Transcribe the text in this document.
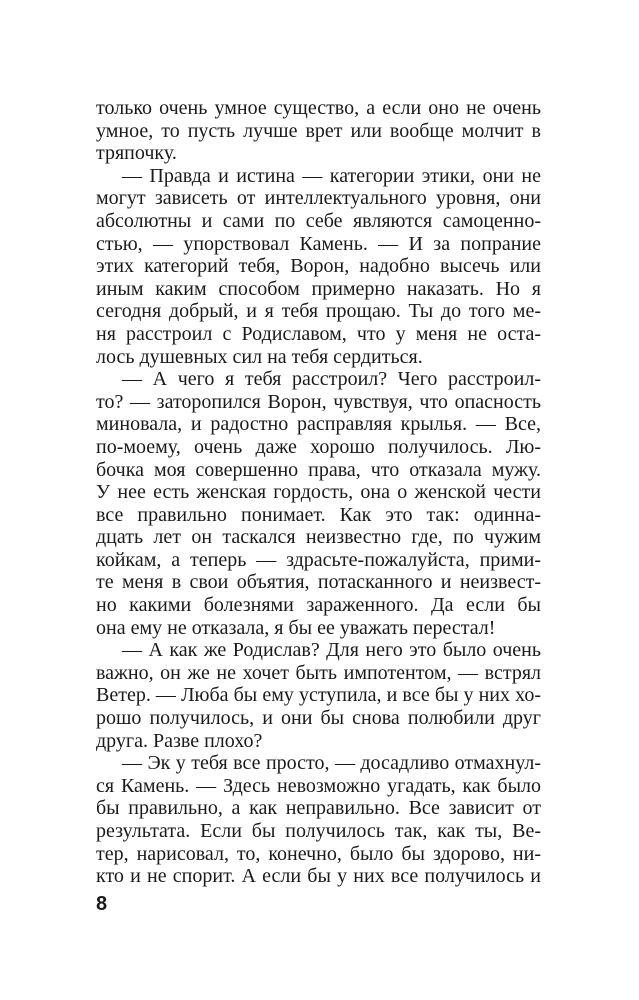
только очень умное существо, а если оно не очень
умное, то пусть лучше врет или вообще молчит в
тряпочку.
— Правда и истина — категории этики, они не
могут зависеть от интеллектуального уровня, они
абсолютны и сами по себе являются самоценно-
стью, — упорствовал Камень. — И за попрание
этих категорий тебя, Ворон, надобно высечь или
иным каким способом примерно наказать. Но я
сегодня добрый, и я тебя прощаю. Ты до того ме-
ня расстроил с Родиславом, что у меня не оста-
лось душевных сил на тебя сердиться.
— А чего я тебя расстроил? Чего расстроил-
то? — заторопился Ворон, чувствуя, что опасность
миновала, и радостно расправляя крылья. — Все,
по-моему, очень даже хорошо получилось. Лю-
бочка моя совершенно права, что отказала мужу.
У нее есть женская гордость, она о женской чести
все правильно понимает. Как это так: одинна-
дцать лет он таскался неизвестно где, по чужим
койкам, а теперь — здрасьте-пожалуйста, прими-
те меня в свои объятия, потасканного и неизвест-
но какими болезнями зараженного. Да если бы
она ему не отказала, я бы ее уважать перестал!
— А как же Родислав? Для него это было очень
важно, он же не хочет быть импотентом, — встрял
Ветер. — Люба бы ему уступила, и все бы у них хо-
рошо получилось, и они бы снова полюбили друг
друга. Разве плохо?
— Эк у тебя все просто, — досадливо отмахнул-
ся Камень. — Здесь невозможно угадать, как было
бы правильно, а как неправильно. Все зависит от
результата. Если бы получилось так, как ты, Ве-
тер, нарисовал, то, конечно, было бы здорово, ни-
кто и не спорит. А если бы у них все получилось и
8
